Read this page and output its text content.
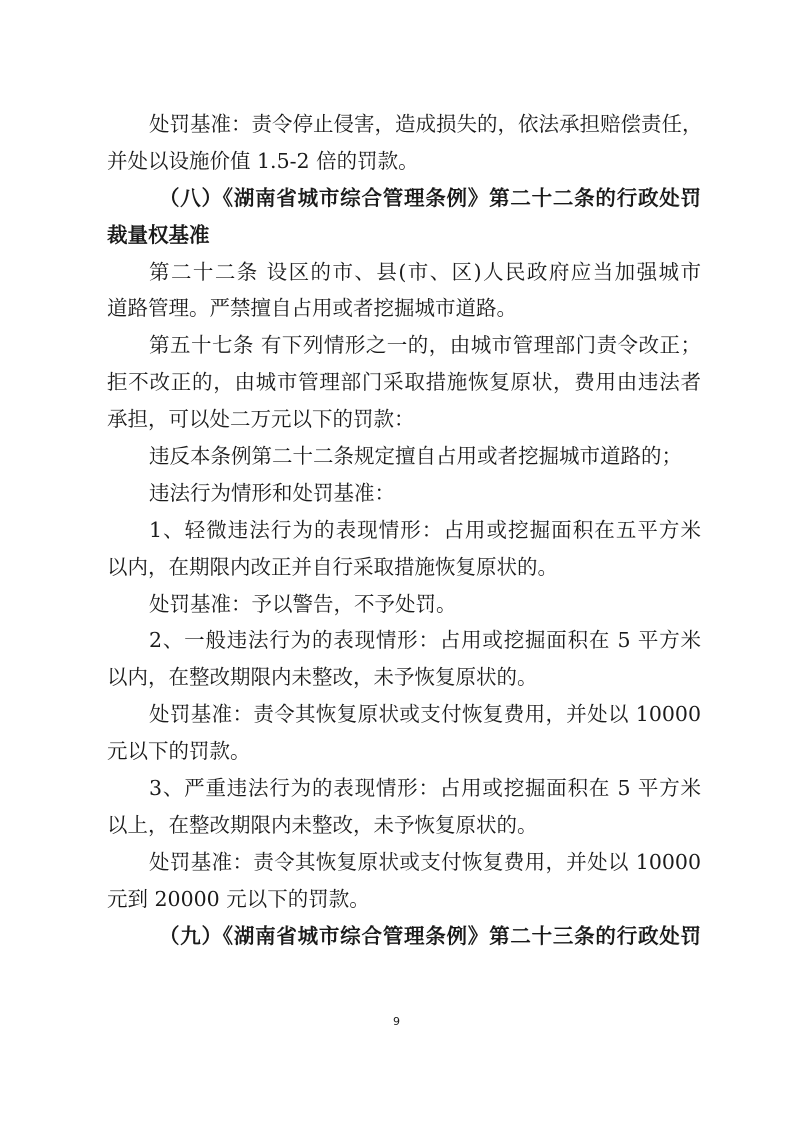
处罚基准：责令停止侵害，造成损失的，依法承担赔偿责任，
并处以设施价值 1.5-2 倍的罚款。
（八）《湖南省城市综合管理条例》第二十二条的行政处罚
裁量权基准
第二十二条 设区的市、县(市、区)人民政府应当加强城市
道路管理。严禁擅自占用或者挖掘城市道路。
第五十七条 有下列情形之一的，由城市管理部门责令改正；
拒不改正的，由城市管理部门采取措施恢复原状，费用由违法者
承担，可以处二万元以下的罚款：
违反本条例第二十二条规定擅自占用或者挖掘城市道路的；
违法行为情形和处罚基准：
1、轻微违法行为的表现情形：占用或挖掘面积在五平方米
以内，在期限内改正并自行采取措施恢复原状的。
处罚基准：予以警告，不予处罚。
2、一般违法行为的表现情形：占用或挖掘面积在 5 平方米
以内，在整改期限内未整改，未予恢复原状的。
处罚基准：责令其恢复原状或支付恢复费用，并处以 10000
元以下的罚款。
3、严重违法行为的表现情形：占用或挖掘面积在 5 平方米
以上，在整改期限内未整改，未予恢复原状的。
处罚基准：责令其恢复原状或支付恢复费用，并处以 10000
元到 20000 元以下的罚款。
（九）《湖南省城市综合管理条例》第二十三条的行政处罚
9
